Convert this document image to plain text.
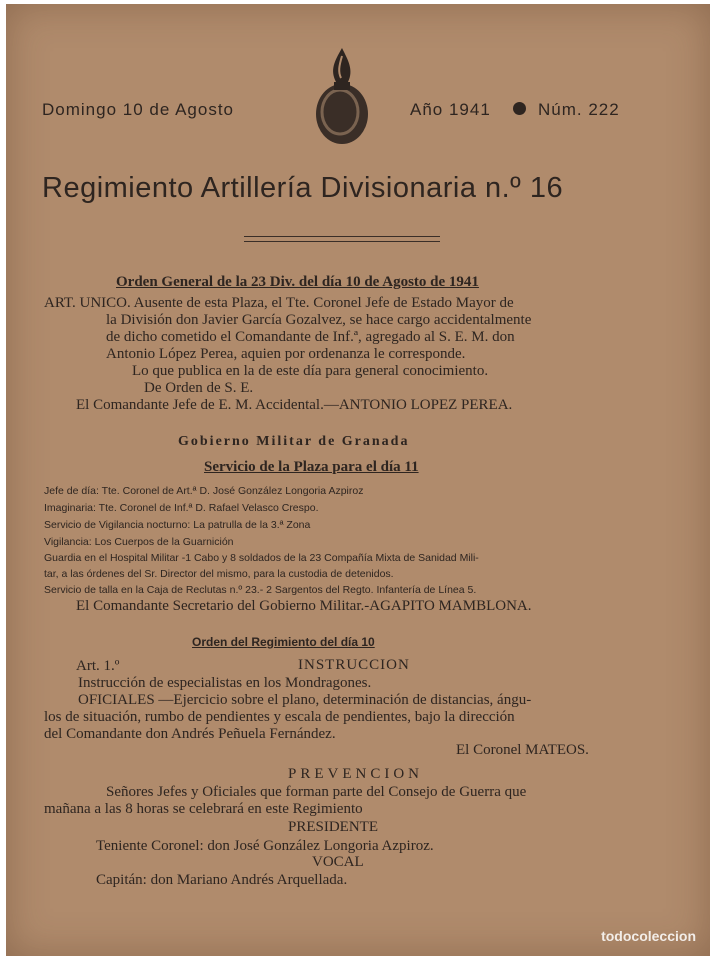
Domingo 10 de Agosto	Año 1941	Núm. 222
Regimiento Artillería Divisionaria n.º 16
Orden General de la 23 Div. del día 10 de Agosto de 1941
ART. UNICO. Ausente de esta Plaza, el Tte. Coronel Jefe de Estado Mayor de
la División don Javier García Gozalvez, se hace cargo accidentalmente
de dicho cometido el Comandante de Inf.ª, agregado al S. E. M. don
Antonio López Perea, aquien por ordenanza le corresponde.
Lo que publica en la de este día para general conocimiento.
De Orden de S. E.
El Comandante Jefe de E. M. Accidental.—ANTONIO LOPEZ PEREA.
Gobierno Militar de Granada
Servicio de la Plaza para el día 11
Jefe de día: Tte. Coronel de Art.ª D. José González Longoria Azpiroz
Imaginaria: Tte. Coronel de Inf.ª D. Rafael Velasco Crespo.
Servicio de Vigilancia nocturno: La patrulla de la 3.ª Zona
Vigilancia: Los Cuerpos de la Guarnición
Guardia en el Hospital Militar -1 Cabo y 8 soldados de la 23 Compañía Mixta de Sanidad Mili-
tar, a las órdenes del Sr. Director del mismo, para la custodia de detenidos.
Servicio de talla en la Caja de Reclutas n.º 23.- 2 Sargentos del Regto. Infantería de Línea 5.
El Comandante Secretario del Gobierno Militar.-AGAPITO MAMBLONA.
Orden del Regimiento del día 10
Art. 1.º	INSTRUCCION
Instrucción de especialistas en los Mondragones.
OFICIALES —Ejercicio sobre el plano, determinación de distancias, ángu-
los de situación, rumbo de pendientes y escala de pendientes, bajo la dirección
del Comandante don Andrés Peñuela Fernández.
El Coronel MATEOS.
PREVENCION
Señores Jefes y Oficiales que forman parte del Consejo de Guerra que
mañana a las 8 horas se celebrará en este Regimiento
PRESIDENTE
Teniente Coronel: don José González Longoria Azpiroz.
VOCAL
Capitán: don Mariano Andrés Arquellada.
todocoleccion
